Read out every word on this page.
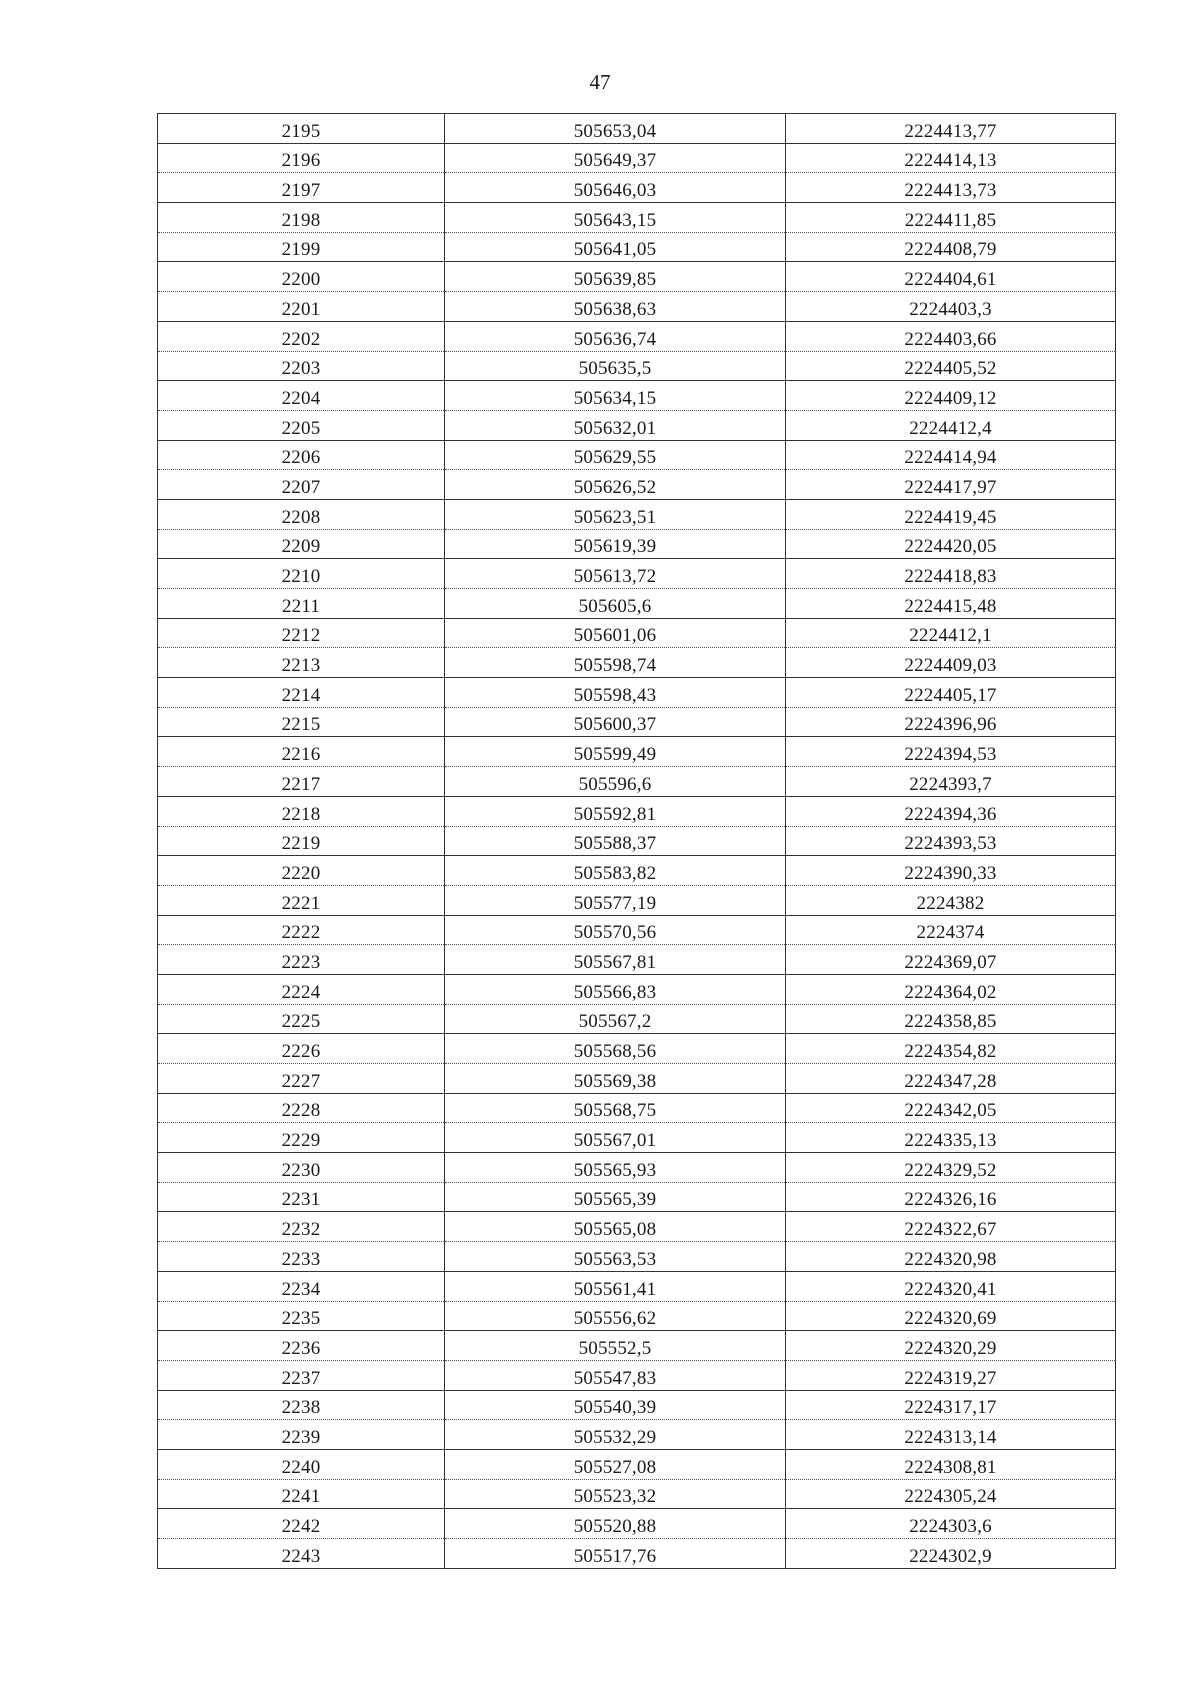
47
2195	505653,04	2224413,77
2196	505649,37	2224414,13
2197	505646,03	2224413,73
2198	505643,15	2224411,85
2199	505641,05	2224408,79
2200	505639,85	2224404,61
2201	505638,63	2224403,3
2202	505636,74	2224403,66
2203	505635,5	2224405,52
2204	505634,15	2224409,12
2205	505632,01	2224412,4
2206	505629,55	2224414,94
2207	505626,52	2224417,97
2208	505623,51	2224419,45
2209	505619,39	2224420,05
2210	505613,72	2224418,83
2211	505605,6	2224415,48
2212	505601,06	2224412,1
2213	505598,74	2224409,03
2214	505598,43	2224405,17
2215	505600,37	2224396,96
2216	505599,49	2224394,53
2217	505596,6	2224393,7
2218	505592,81	2224394,36
2219	505588,37	2224393,53
2220	505583,82	2224390,33
2221	505577,19	2224382
2222	505570,56	2224374
2223	505567,81	2224369,07
2224	505566,83	2224364,02
2225	505567,2	2224358,85
2226	505568,56	2224354,82
2227	505569,38	2224347,28
2228	505568,75	2224342,05
2229	505567,01	2224335,13
2230	505565,93	2224329,52
2231	505565,39	2224326,16
2232	505565,08	2224322,67
2233	505563,53	2224320,98
2234	505561,41	2224320,41
2235	505556,62	2224320,69
2236	505552,5	2224320,29
2237	505547,83	2224319,27
2238	505540,39	2224317,17
2239	505532,29	2224313,14
2240	505527,08	2224308,81
2241	505523,32	2224305,24
2242	505520,88	2224303,6
2243	505517,76	2224302,9
